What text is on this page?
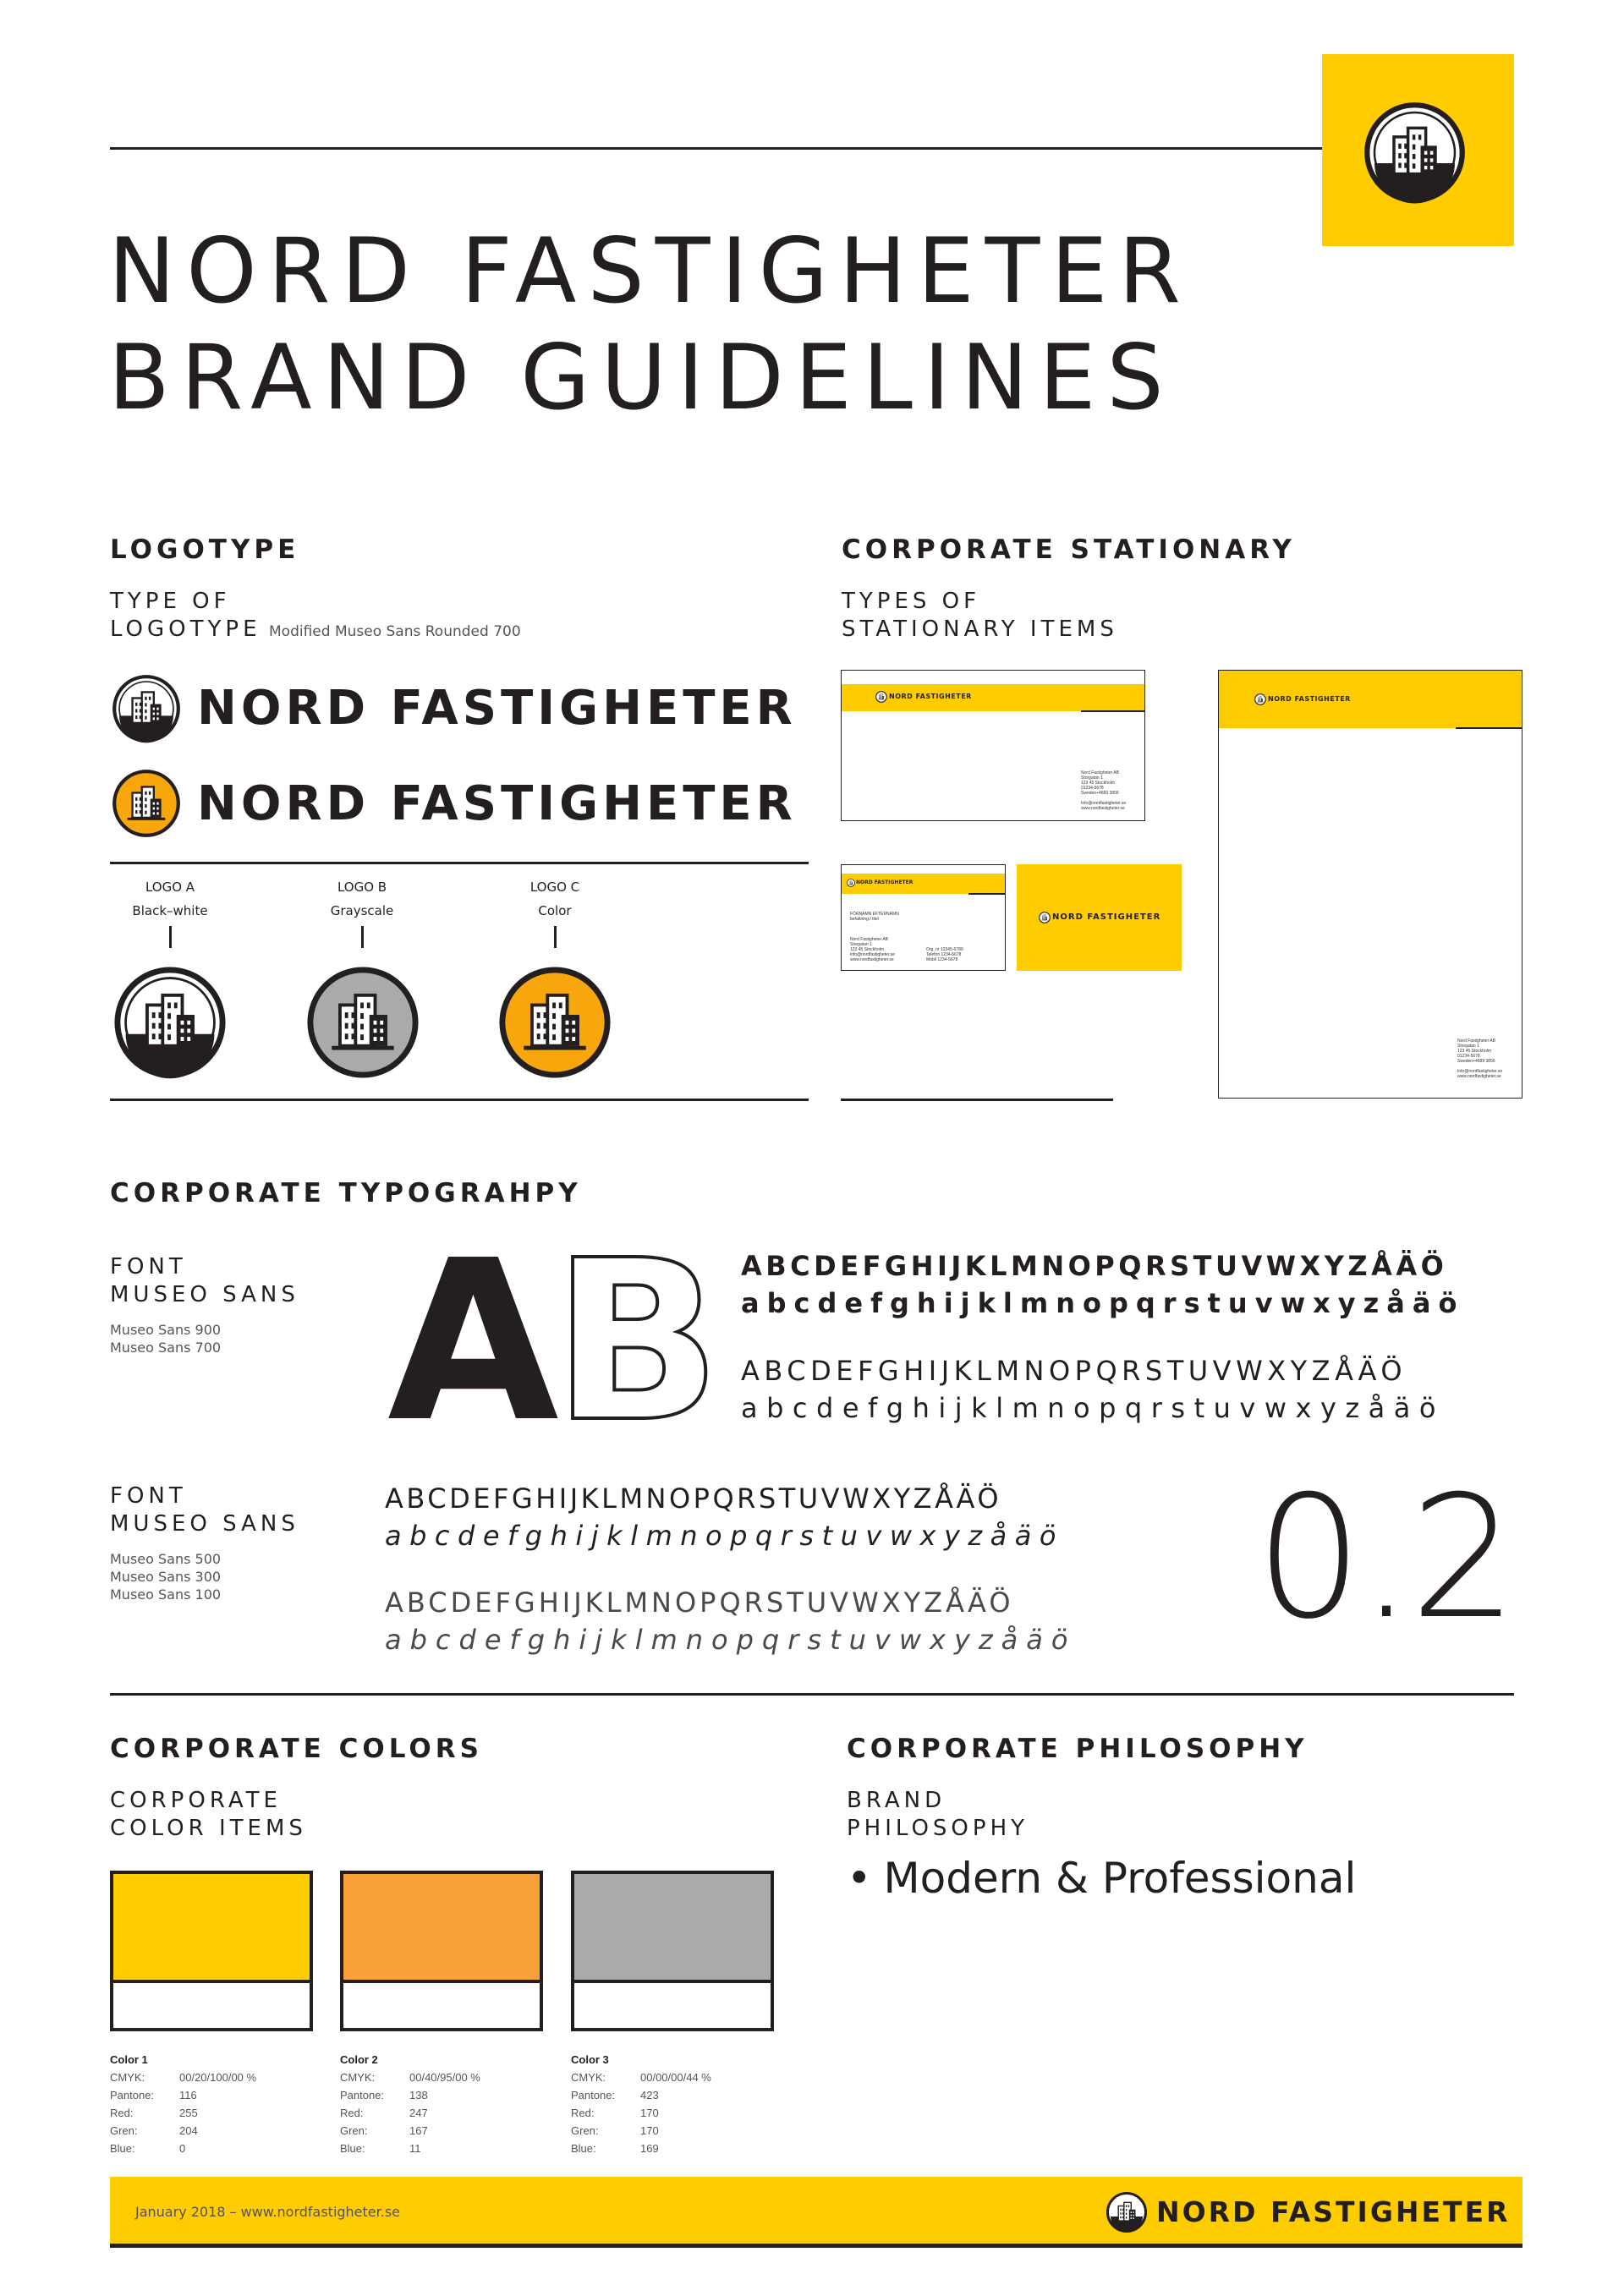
NORD FASTIGHETER
BRAND GUIDELINES
LOGOTYPE
TYPE OF
LOGOTYPE Modified Museo Sans Rounded 700
NORD FASTIGHETER
NORD FASTIGHETER
LOGO A
Black–white
LOGO B
Grayscale
LOGO C
Color
CORPORATE STATIONARY
TYPES OF
STATIONARY ITEMS
NORD FASTIGHETER
Nord Fastigheter AB
Storgatan 1
123 45 Stockholm
01234-5678
Sweden+4689 3856

Info@nordfastigheter.se
www.nordfastigheter.se
NORD FASTIGHETER
FÖRNAMN EFTERNAMN
befattning / titel
Nord Fastigheter AB
Storgatan 1
123 45 Stockholm
info@nordfastigheter.se
www.nordfastigheter.se
Org. nr 12345-6789
Telefon 1234-5678
Mobil 1234-5678
NORD FASTIGHETER
NORD FASTIGHETER
Nord Fastigheter AB
Storgatan 1
123 45 Stockholm
01234-5678
Sweden+4689 3856

Info@nordfastigheter.se
www.nordfastigheter.se
CORPORATE TYPOGRAHPY
FONT
MUSEO SANS
Museo Sans 900
Museo Sans 700 A
B ABCDEFGHIJKLMNOPQRSTUVWXYZÅÄÖ
abcdefghijklmnopqrstuvwxyzåäö
ABCDEFGHIJKLMNOPQRSTUVWXYZÅÄÖ
abcdefghijklmnopqrstuvwxyzåäö
FONT
MUSEO SANS
Museo Sans 500
Museo Sans 300
Museo Sans 100
ABCDEFGHIJKLMNOPQRSTUVWXYZÅÄÖ
abcdefghijklmnopqrstuvwxyzåäö
ABCDEFGHIJKLMNOPQRSTUVWXYZÅÄÖ
abcdefghijklmnopqrstuvwxyzåäö 0.2
CORPORATE COLORS
CORPORATE
COLOR ITEMS
Color 1
CMYK:	00/20/100/00 %
Pantone: 116
Red:	255
Gren:	204
Blue:	0
Color 2
CMYK:	00/40/95/00 %
Pantone: 138
Red:	247
Gren:	167
Blue:	11
Color 3
CMYK:	00/00/00/44 %
Pantone: 423
Red:	170
Gren:	170
Blue:	169
CORPORATE PHILOSOPHY
BRAND
PHILOSOPHY
• Modern & Professional
January 2018 – www.nordfastigheter.se	NORD FASTIGHETER
